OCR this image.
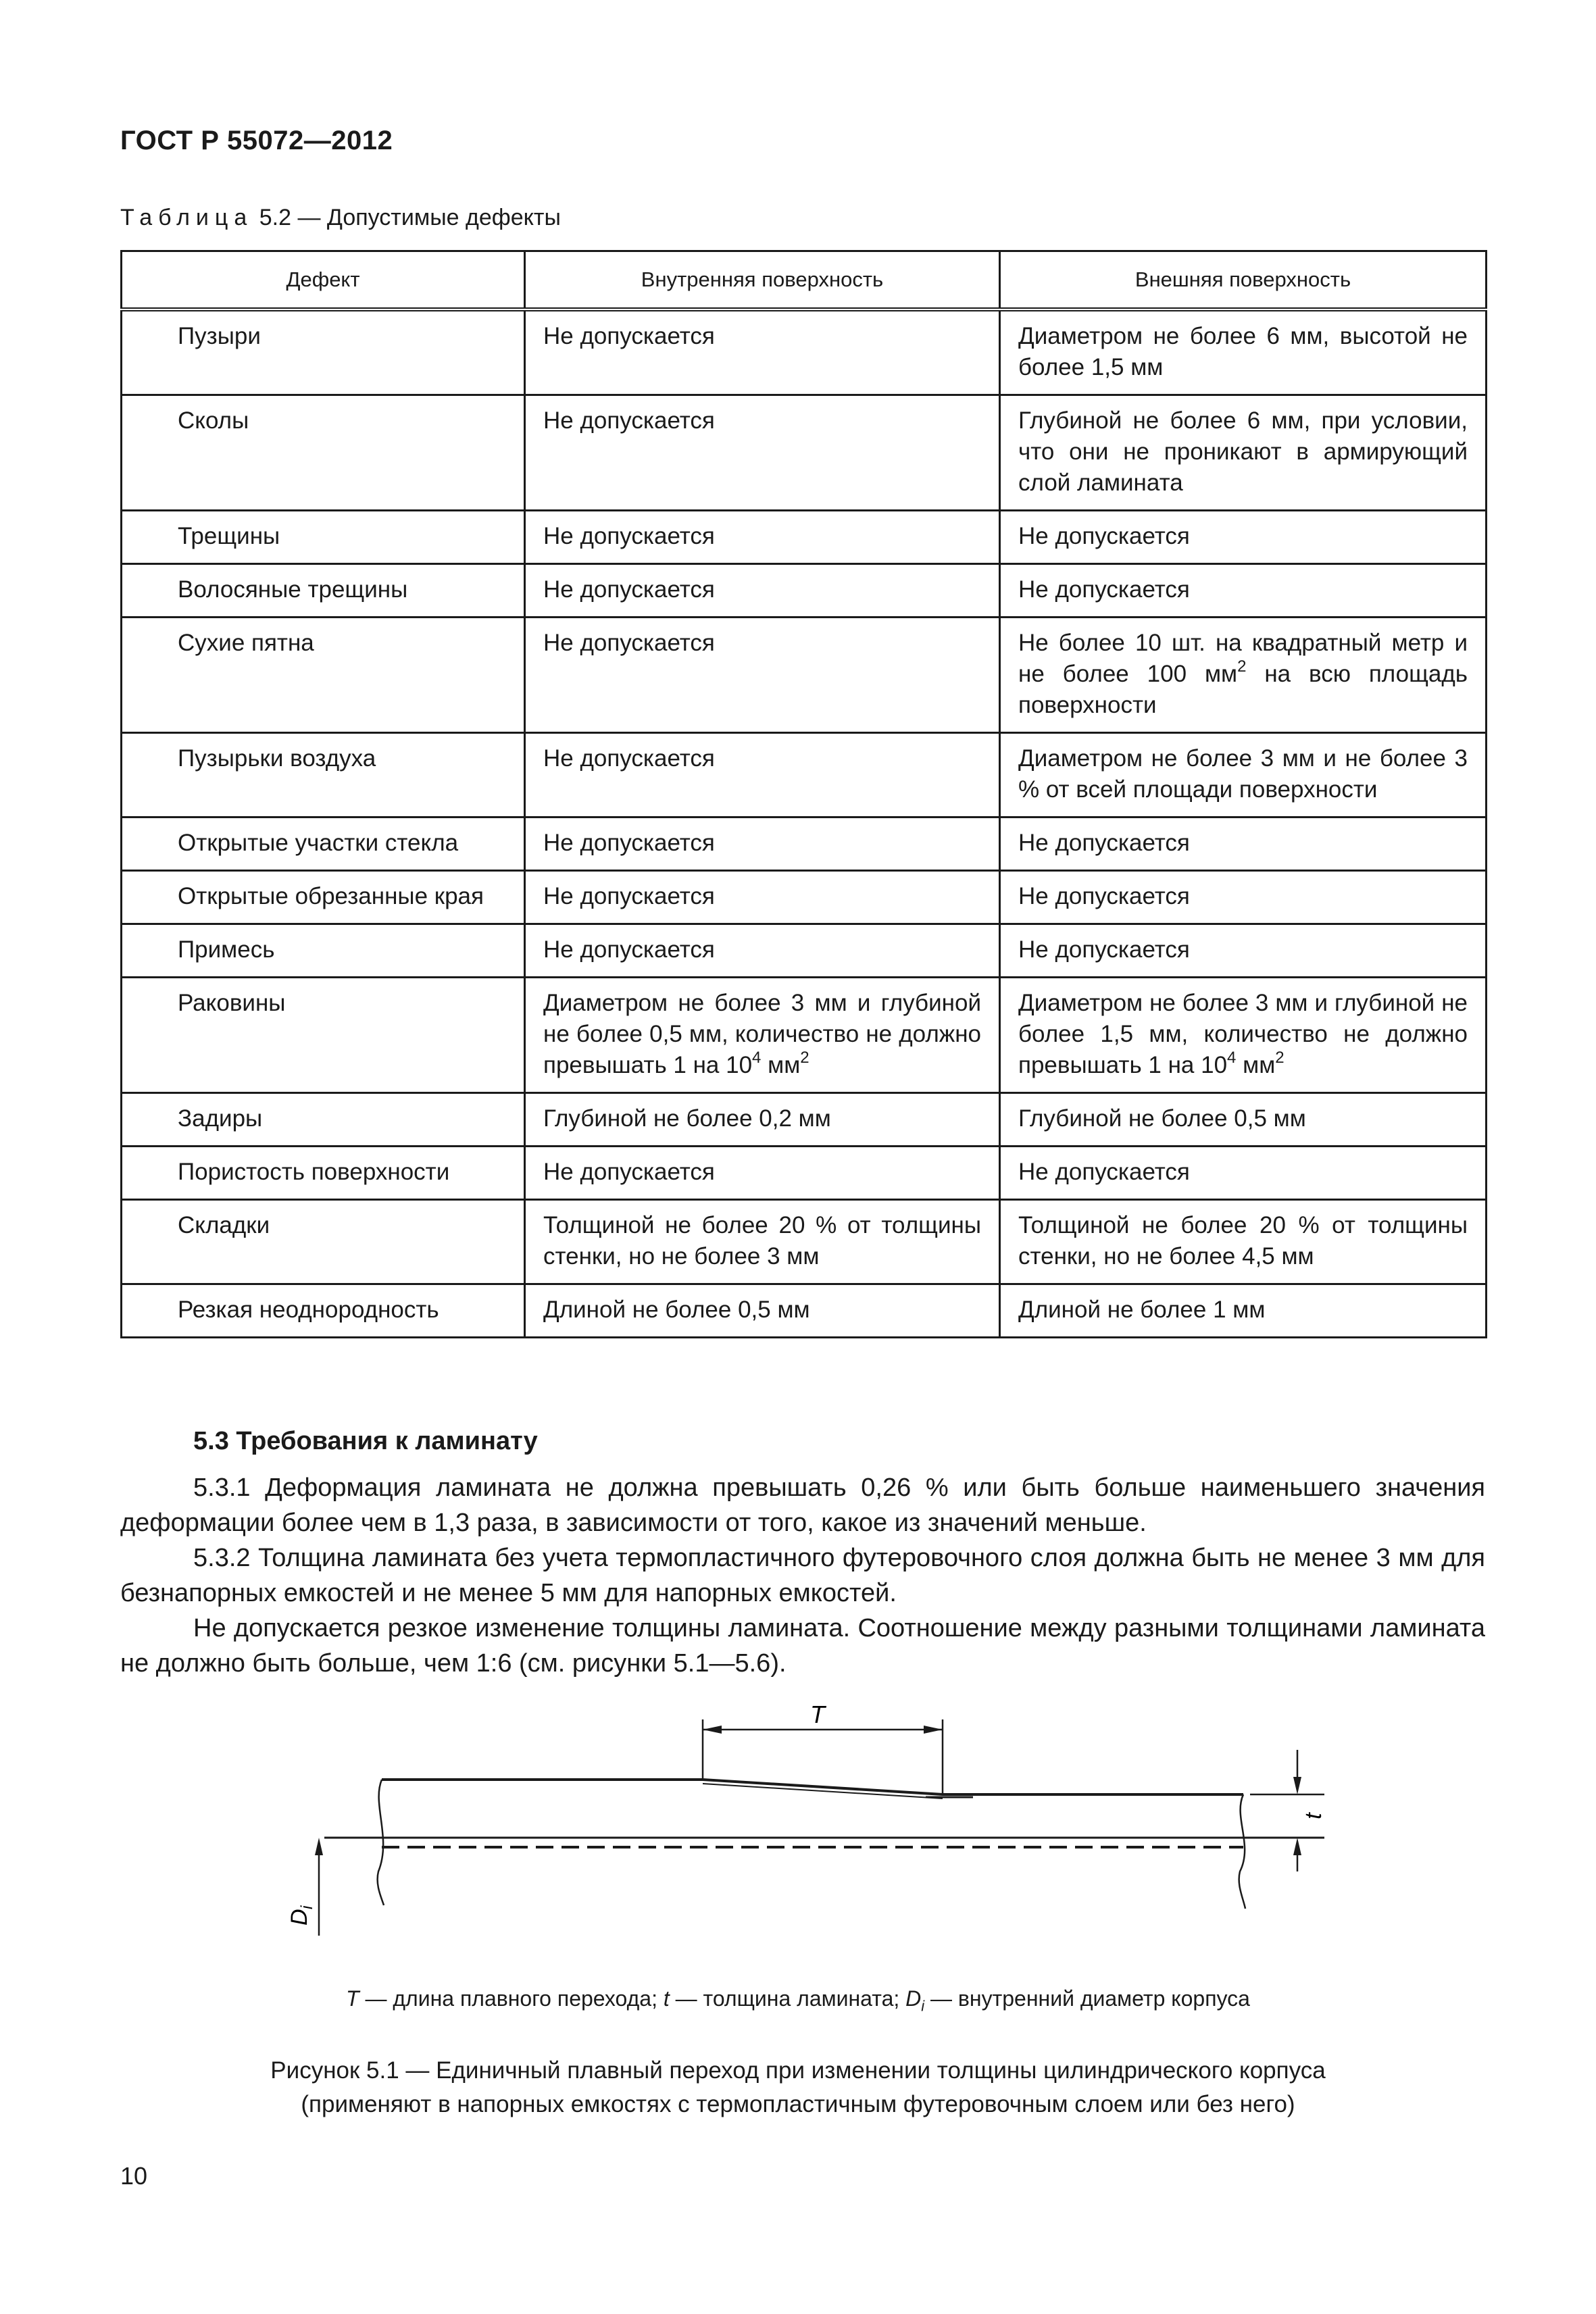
ГОСТ Р 55072—2012
Таблица 5.2 — Допустимые дефекты
Дефект	Внутренняя поверхность	Внешняя поверхность
Пузыри	Не допускается	Диаметром не более 6 мм, высотой не более 1,5 мм
Сколы	Не допускается	Глубиной не более 6 мм, при условии, что они не проникают в армирующий слой ламината
Трещины	Не допускается	Не допускается
Волосяные трещины	Не допускается	Не допускается
Сухие пятна	Не допускается	Не более 10 шт. на квадратный метр и не более 100 $мм^2$ на всю площадь поверхности
Пузырьки воздуха	Не допускается	Диаметром не более 3 мм и не более 3 % от всей площади поверхности
Открытые участки стекла	Не допускается	Не допускается
Открытые обрезанные края	Не допускается	Не допускается
Примесь	Не допускается	Не допускается
Раковины	Диаметром не более 3 мм и глубиной не более 0,5 мм, количество не должно превышать 1 на $10^4$ $мм^2$	Диаметром не более 3 мм и глубиной не более 1,5 мм, количество не должно превышать 1 на $10^4$ $мм^2$
Задиры	Глубиной не более 0,2 мм	Глубиной не более 0,5 мм
Пористость поверхности	Не допускается	Не допускается
Складки	Толщиной не более 20 % от толщины стенки, но не более 3 мм	Толщиной не более 20 % от толщины стенки, но не более 4,5 мм
Резкая неоднородность	Длиной не более 0,5 мм	Длиной не более 1 мм
5.3 Требования к ламинату
5.3.1 Деформация ламината не должна превышать 0,26 % или быть больше наименьшего значения деформации более чем в 1,3 раза, в зависимости от того, какое из значений меньше.
5.3.2 Толщина ламината без учета термопластичного футеровочного слоя должна быть не менее 3 мм для безнапорных емкостей и не менее 5 мм для напорных емкостей.
Не допускается резкое изменение толщины ламината. Соотношение между разными толщинами ламината не должно быть больше, чем 1:6 (см. рисунки 5.1—5.6).
T
t
D
i
T — длина плавного перехода; t — толщина ламината; $D_i$ — внутренний диаметр корпуса
Рисунок 5.1 — Единичный плавный переход при изменении толщины цилиндрического корпуса
(применяют в напорных емкостях с термопластичным футеровочным слоем или без него)
10
